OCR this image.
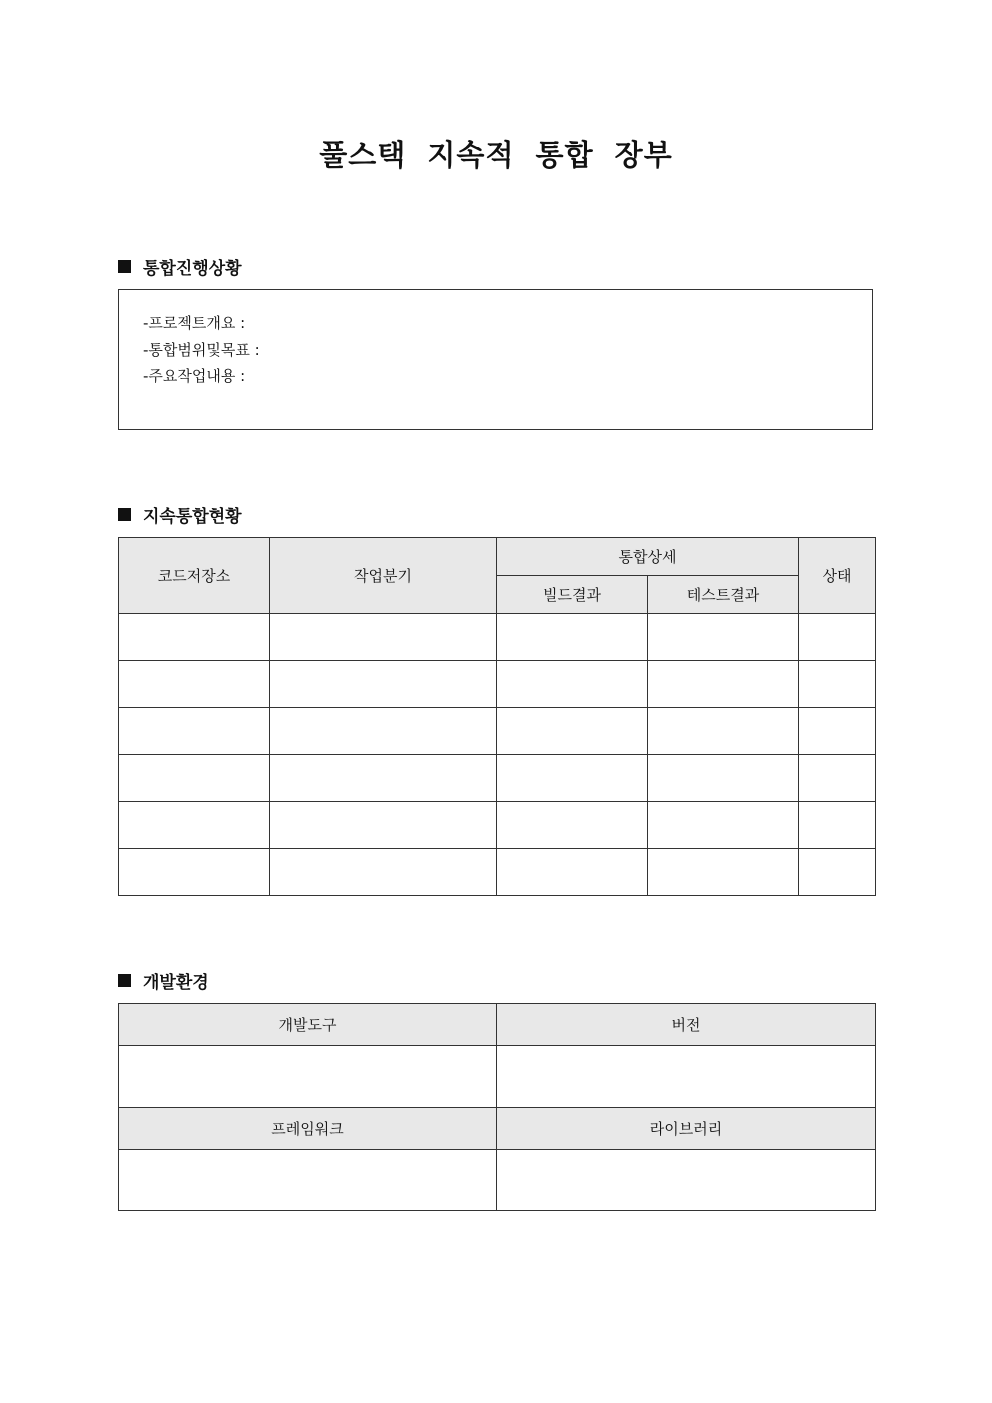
풀스택 지속적 통합 장부
통합진행상황
-프로젝트개요 :
-통합범위및목표 :
-주요작업내용 :
지속통합현황
코드저장소	작업분기	통합상세		상태
		빌드결과	테스트결과	

개발환경
개발도구	버전

프레임워크	라이브러리
